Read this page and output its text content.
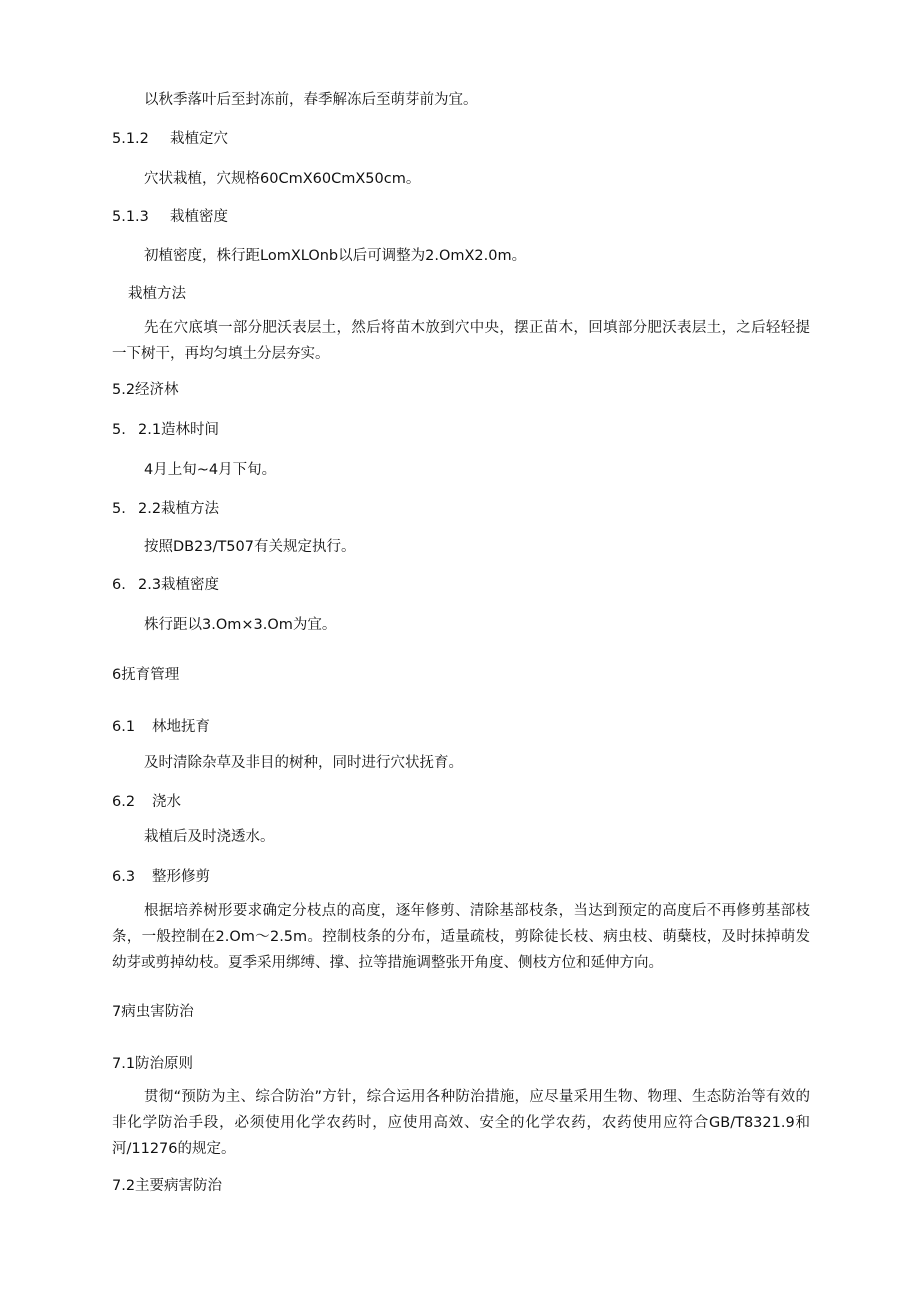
以秋季落叶后至封冻前，春季解冻后至萌芽前为宜。
5.1.2 栽植定穴
穴状栽植，穴规格60CmX60CmX50cm。
5.1.3 栽植密度
初植密度，株行距LomXLOnb以后可调整为2.OmX2.0m。
栽植方法
先在穴底填一部分肥沃表层土，然后将苗木放到穴中央，摆正苗木，回填部分肥沃表层土，之后轻轻提一下树干，再均匀填土分层夯实。
5.2经济林
5. 2.1造林时间
4月上旬~4月下旬。
5. 2.2栽植方法
按照DB23/T507有关规定执行。
6. 2.3栽植密度
株行距以3.Om×3.Om为宜。
6抚育管理
6.1 林地抚育
及时清除杂草及非目的树种，同时进行穴状抚育。
6.2 浇水
栽植后及时浇透水。
6.3 整形修剪
根据培养树形要求确定分枝点的高度，逐年修剪、清除基部枝条，当达到预定的高度后不再修剪基部枝条，一般控制在2.Om～2.5m。控制枝条的分布，适量疏枝，剪除徒长枝、病虫枝、萌蘖枝，及时抹掉萌发幼芽或剪掉幼枝。夏季采用绑缚、撑、拉等措施调整张开角度、侧枝方位和延伸方向。
7病虫害防治
7.1防治原则
贯彻“预防为主、综合防治”方针，综合运用各种防治措施，应尽量采用生物、物理、生态防治等有效的非化学防治手段，必须使用化学农药时，应使用高效、安全的化学农药，农药使用应符合GB/T8321.9和河/11276的规定。
7.2主要病害防治
